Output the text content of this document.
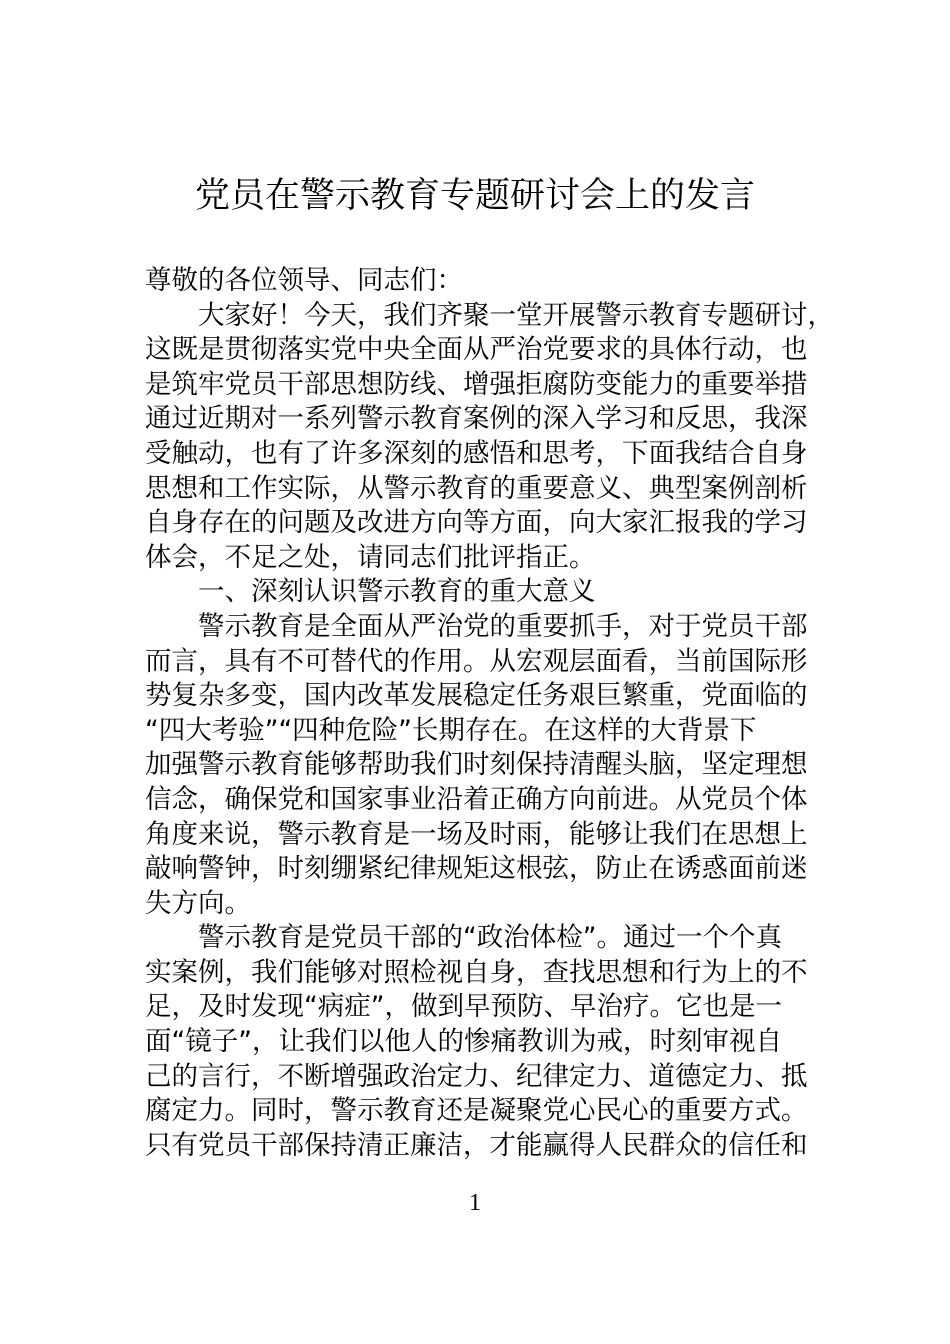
党员在警示教育专题研讨会上的发言
尊敬的各位领导、同志们：
大家好！今天，我们齐聚一堂开展警示教育专题研讨，
这既是贯彻落实党中央全面从严治党要求的具体行动，也
是筑牢党员干部思想防线、增强拒腐防变能力的重要举措
通过近期对一系列警示教育案例的深入学习和反思，我深
受触动，也有了许多深刻的感悟和思考，下面我结合自身
思想和工作实际，从警示教育的重要意义、典型案例剖析
自身存在的问题及改进方向等方面，向大家汇报我的学习
体会，不足之处，请同志们批评指正。
一、深刻认识警示教育的重大意义
警示教育是全面从严治党的重要抓手，对于党员干部
而言，具有不可替代的作用。从宏观层面看，当前国际形
势复杂多变，国内改革发展稳定任务艰巨繁重，党面临的
“四大考验”“四种危险”长期存在。在这样的大背景下
加强警示教育能够帮助我们时刻保持清醒头脑，坚定理想
信念，确保党和国家事业沿着正确方向前进。从党员个体
角度来说，警示教育是一场及时雨，能够让我们在思想上
敲响警钟，时刻绷紧纪律规矩这根弦，防止在诱惑面前迷
失方向。
警示教育是党员干部的“政治体检”。通过一个个真
实案例，我们能够对照检视自身，查找思想和行为上的不
足，及时发现“病症”，做到早预防、早治疗。它也是一
面“镜子”，让我们以他人的惨痛教训为戒，时刻审视自
己的言行，不断增强政治定力、纪律定力、道德定力、抵
腐定力。同时，警示教育还是凝聚党心民心的重要方式。
只有党员干部保持清正廉洁，才能赢得人民群众的信任和
1
